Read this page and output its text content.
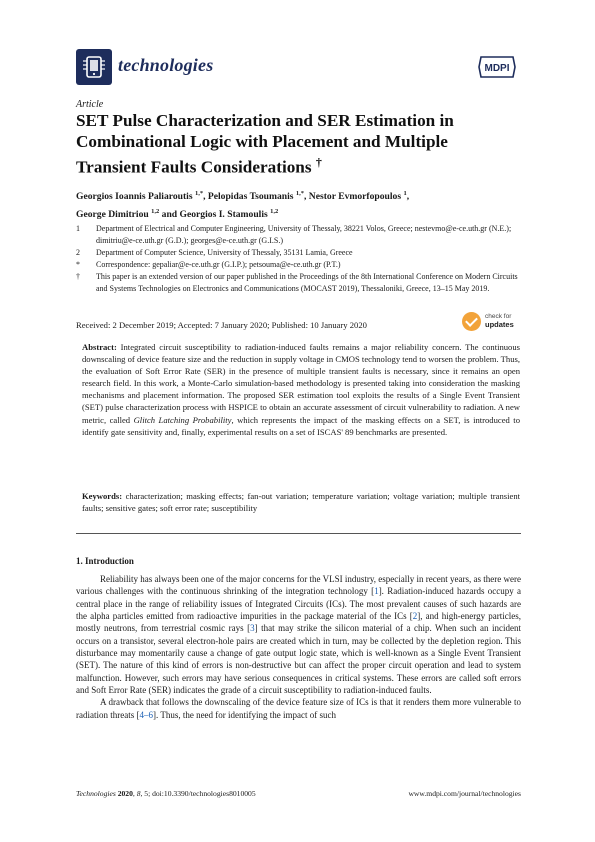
technologies	MDPI
Article
SET Pulse Characterization and SER Estimation in Combinational Logic with Placement and Multiple Transient Faults Considerations †
Georgios Ioannis Paliaroutis $^{1,*}$, Pelopidas Tsoumanis $^{1,*}$, Nestor Evmorfopoulos $^1$,
George Dimitriou $^{1,2}$ and Georgios I. Stamoulis $^{1,2}$
1	Department of Electrical and Computer Engineering, University of Thessaly, 38221 Volos, Greece; nestevmo@e-ce.uth.gr (N.E.); dimitriu@e-ce.uth.gr (G.D.); georges@e-ce.uth.gr (G.I.S.)
2	Department of Computer Science, University of Thessaly, 35131 Lamia, Greece
*	Correspondence: gepaliar@e-ce.uth.gr (G.I.P.); petsouma@e-ce.uth.gr (P.T.)
†	This paper is an extended version of our paper published in the Proceedings of the 8th International Conference on Modern Circuits and Systems Technologies on Electronics and Communications (MOCAST 2019), Thessaloniki, Greece, 13–15 May 2019.
Received: 2 December 2019; Accepted: 7 January 2020; Published: 10 January 2020
check for
updates
Abstract: Integrated circuit susceptibility to radiation-induced faults remains a major reliability concern. The continuous downscaling of device feature size and the reduction in supply voltage in CMOS technology tend to worsen the problem. Thus, the evaluation of Soft Error Rate (SER) in the presence of multiple transient faults is necessary, since it remains an open research field. In this work, a Monte-Carlo simulation-based methodology is presented taking into consideration the masking mechanisms and placement information. The proposed SER estimation tool exploits the results of a Single Event Transient (SET) pulse characterization process with HSPICE to obtain an accurate assessment of circuit vulnerability to radiation. A new metric, called Glitch Latching Probability, which represents the impact of the masking effects on a SET, is introduced to identify gate sensitivity and, finally, experimental results on a set of ISCAS' 89 benchmarks are presented.
Keywords: characterization; masking effects; fan-out variation; temperature variation; voltage variation; multiple transient faults; sensitive gates; soft error rate; susceptibility
1. Introduction

Reliability has always been one of the major concerns for the VLSI industry, especially in recent years, as there were various challenges with the continuous shrinking of the integration technology [1]. Radiation-induced hazards occupy a central place in the range of reliability issues of Integrated Circuits (ICs). The most prevalent causes of such hazards are the alpha particles emitted from radioactive impurities in the package material of the ICs [2], and high-energy particles, mostly neutrons, from terrestrial cosmic rays [3] that may strike the silicon material of a chip. When such an incident occurs on a transistor, several electron-hole pairs are created which in turn, may be collected by the depletion region. This disturbance may momentarily cause a change of gate output logic state, which is well-known as a Single Event Transient (SET). The nature of this kind of errors is non-destructive but can affect the proper circuit operation and lead to system malfunction. However, such errors may have serious consequences in critical systems. These errors are called soft errors and Soft Error Rate (SER) indicates the grade of a circuit susceptibility to radiation-induced faults.

A drawback that follows the downscaling of the device feature size of ICs is that it renders them more vulnerable to radiation threats [4–6]. Thus, the need for identifying the impact of such

Technologies 2020, 8, 5; doi:10.3390/technologies8010005	www.mdpi.com/journal/technologies
